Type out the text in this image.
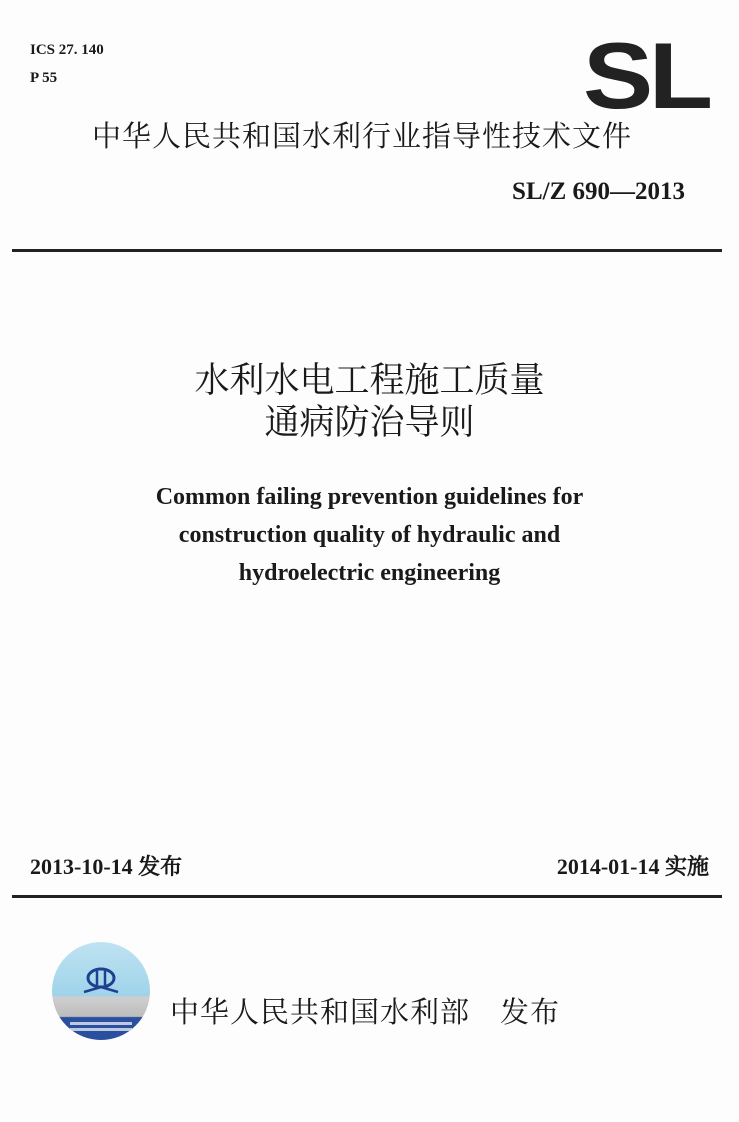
ICS 27. 140
P 55	SL
中华人民共和国水利行业指导性技术文件
SL/Z 690—2013
水利水电工程施工质量
通病防治导则
Common failing prevention guidelines for
construction quality of hydraulic and
hydroelectric engineering
2013-10-14 发布	2014-01-14 实施
中华人民共和国水利部　发布
